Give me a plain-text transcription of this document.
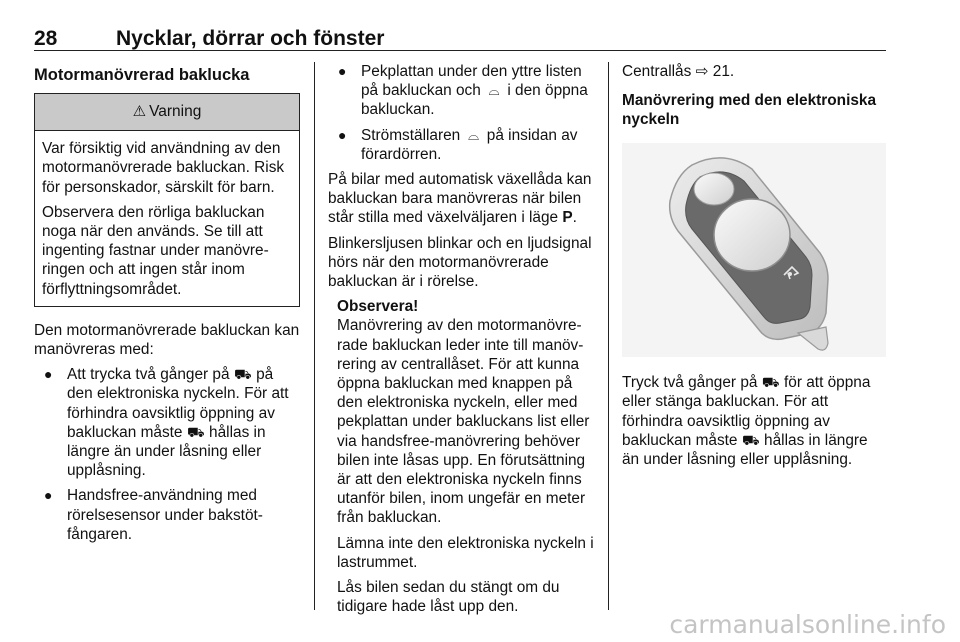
28	Nycklar, dörrar och fönster
Motormanövrerad baklucka
⚠ Varning

Var försiktig vid användning av den motormanövrerade bakluckan. Risk för personskador, särskilt för barn.

Observera den rörliga bakluckan noga när den används. Se till att ingenting fastnar under manövreringen och att ingen står inom förflyttningsområdet.

Den motormanövrerade bakluckan kan manövreras med:

● Att trycka två gånger på ⛟ på den elektroniska nyckeln. För att förhindra oavsiktlig öppning av bakluckan måste ⛟ hållas in längre än under låsning eller upplåsning.
● Handsfree-användning med rörelsesensor under bakstötfångaren.
● Pekplattan under den yttre listen på bakluckan och ⌓ i den öppna bakluckan.
● Strömställaren ⌓ på insidan av förardörren.

På bilar med automatisk växellåda kan bakluckan bara manövreras när bilen står stilla med växelväljaren i läge P.

Blinkersljusen blinkar och en ljudsignal hörs när den motormanövrerade bakluckan är i rörelse.

Observera!

Manövrering av den motormanövrerade bakluckan leder inte till manövrering av centrallåset. För att kunna öppna bakluckan med knappen på den elektroniska nyckeln, eller med pekplattan under bakluckans list eller via handsfree-manövrering behöver bilen inte låsas upp. En förutsättning är att den elektroniska nyckeln finns utanför bilen, inom ungefär en meter från bakluckan.

Lämna inte den elektroniska nyckeln i lastrummet.

Lås bilen sedan du stängt om du tidigare hade låst upp den.

Centrallås ⇨ 21.

Manövrering med den elektroniska nyckeln

Tryck två gånger på ⛟ för att öppna eller stänga bakluckan. För att förhindra oavsiktlig öppning av bakluckan måste ⛟ hållas in längre än under låsning eller upplåsning.

carmanualsonline.info
